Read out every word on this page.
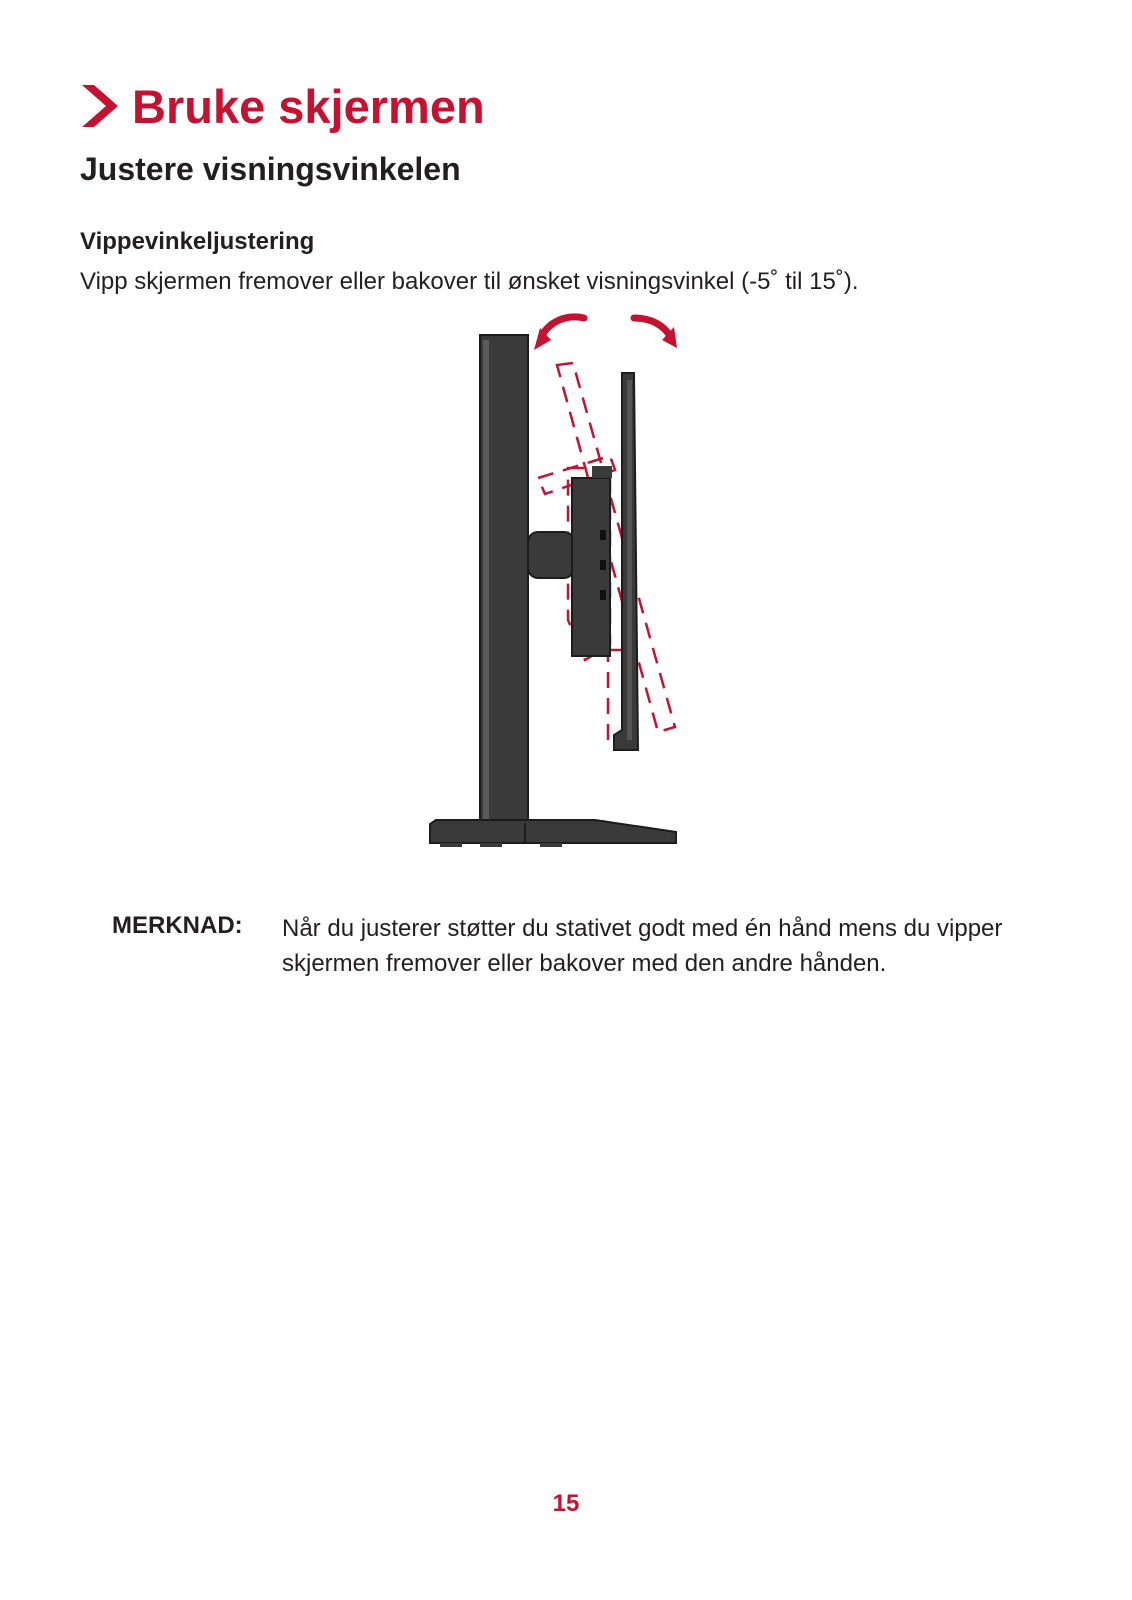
Bruke skjermen
Justere visningsvinkelen
Vippevinkeljustering
Vipp skjermen fremover eller bakover til ønsket visningsvinkel (-5˚ til 15˚).
MERKNAD: Når du justerer støtter du stativet godt med én hånd mens du vipper skjermen fremover eller bakover med den andre hånden.
15
